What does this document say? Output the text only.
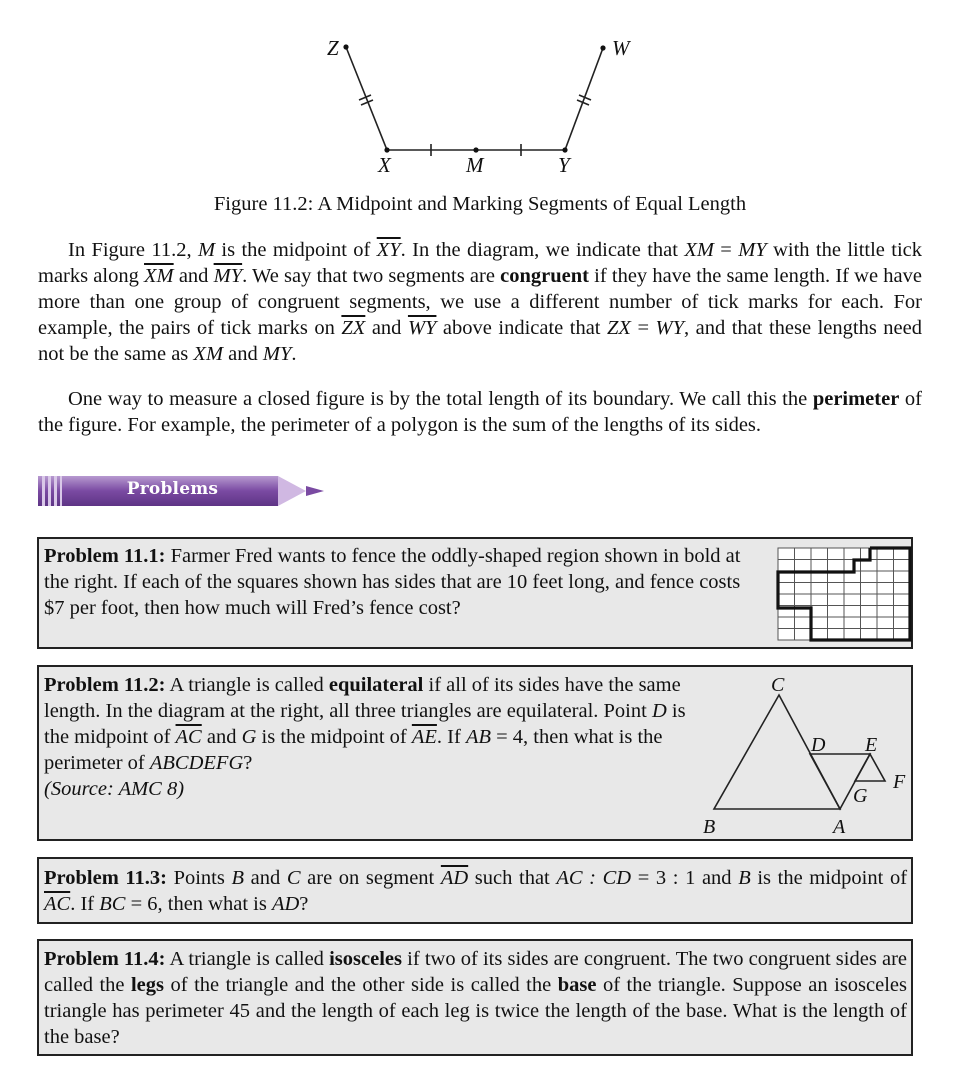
Z	W
X	M	Y
Figure 11.2: A Midpoint and Marking Segments of Equal Length
In Figure 11.2, M is the midpoint of $\overline{XY}$. In the diagram, we indicate that XM = MY with the little tick marks along $\overline{XM}$ and $\overline{MY}$. We say that two segments are congruent if they have the same length. If we have more than one group of congruent segments, we use a different number of tick marks for each. For example, the pairs of tick marks on $\overline{ZX}$ and $\overline{WY}$ above indicate that ZX = WY, and that these lengths need not be the same as XM and MY.
One way to measure a closed figure is by the total length of its boundary. We call this the perimeter of the figure. For example, the perimeter of a polygon is the sum of the lengths of its sides.
Problems
Problem 11.1: Farmer Fred wants to fence the oddly-shaped region shown in bold at the right. If each of the squares shown has sides that are 10 feet long, and fence costs $7 per foot, then how much will Fred’s fence cost?
Problem 11.2: A triangle is called equilateral if all of its sides have the same length. In the diagram at the right, all three triangles are equilateral. Point D is the midpoint of $\overline{AC}$ and G is the midpoint of $\overline{AE}$. If AB = 4, then what is the perimeter of ABCDEFG?
(Source: AMC 8)
C
D E
F
G
B	A
Problem 11.3: Points B and C are on segment $\overline{AD}$ such that AC : CD = 3 : 1 and B is the midpoint of $\overline{AC}$. If BC = 6, then what is AD?
Problem 11.4: A triangle is called isosceles if two of its sides are congruent. The two congruent sides are called the legs of the triangle and the other side is called the base of the triangle. Suppose an isosceles triangle has perimeter 45 and the length of each leg is twice the length of the base. What is the length of the base?
